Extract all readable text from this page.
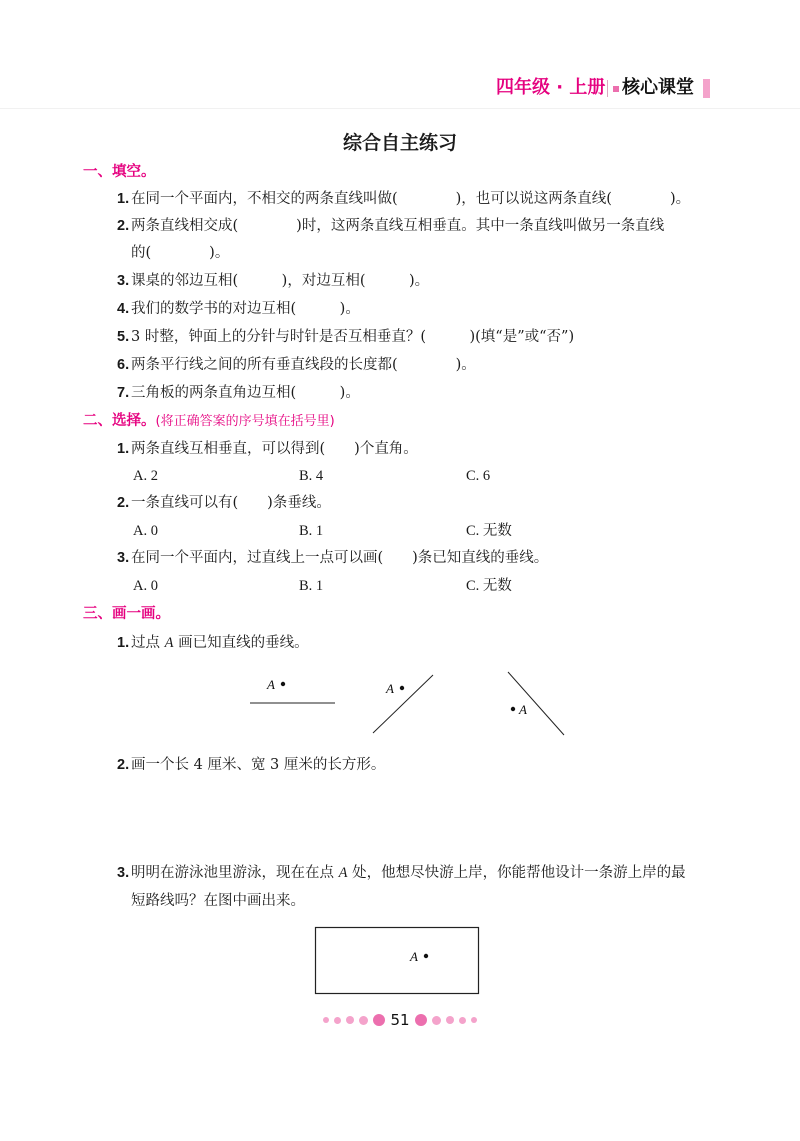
四年级 · 上册 核心课堂
综合自主练习
一、填空。
1. 在同一个平面内，不相交的两条直线叫做(　　　　)，也可以说这两条直线(　　　　)。
2. 两条直线相交成(　　　　)时，这两条直线互相垂直。其中一条直线叫做另一条直线
的(　　　　)。
3. 课桌的邻边互相(　　　)，对边互相(　　　)。
4. 我们的数学书的对边互相(　　　)。
5. 3 时整，钟面上的分针与时针是否互相垂直？(　　　)(填“是”或“否”)
6. 两条平行线之间的所有垂直线段的长度都(　　　　)。
7. 三角板的两条直角边互相(　　　)。
二、选择。(将正确答案的序号填在括号里)
1. 两条直线互相垂直，可以得到(　　)个直角。
A. 2	B. 4	C. 6
2. 一条直线可以有(　　)条垂线。
A. 0	B. 1	C. 无数
3. 在同一个平面内，过直线上一点可以画(　　)条已知直线的垂线。
A. 0	B. 1	C. 无数
三、画一画。
1. 过点 A 画已知直线的垂线。
A	A
A
2. 画一个长 4 厘米、宽 3 厘米的长方形。
3. 明明在游泳池里游泳，现在在点 A 处，他想尽快游上岸，你能帮他设计一条游上岸的最
短路线吗？在图中画出来。
A
51
